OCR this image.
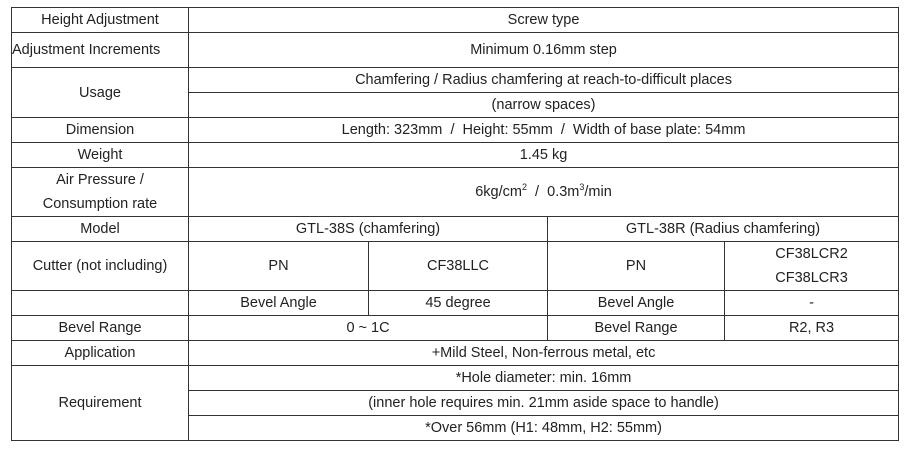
Height Adjustment	Screw type			
Adjustment Increments	Minimum 0.16mm step			
Usage	Chamfering / Radius chamfering at reach-to-difficult places			
	(narrow spaces)			
Dimension	Length: 323mm  /  Height: 55mm  /  Width of base plate: 54mm			
Weight	1.45 kg			

Air Pressure /
Consumption rate	$6kg/cm^2 / 0.3m^3/\min$			
Model	GTL-38S (chamfering)		GTL-38R (Radius chamfering)	
Cutter (not including)	PN	CF38LLC	PN	CF38LCR2
CF38LCR3

	Bevel Angle	45 degree	Bevel Angle	-
Bevel Range	0 ~ 1C		Bevel Range	R2, R3
Application	+Mild Steel, Non-ferrous metal, etc			
Requirement	*Hole diameter: min. 16mm			
	(inner hole requires min. 21mm aside space to handle)			
	*Over 56mm (H1: 48mm, H2: 55mm)			
